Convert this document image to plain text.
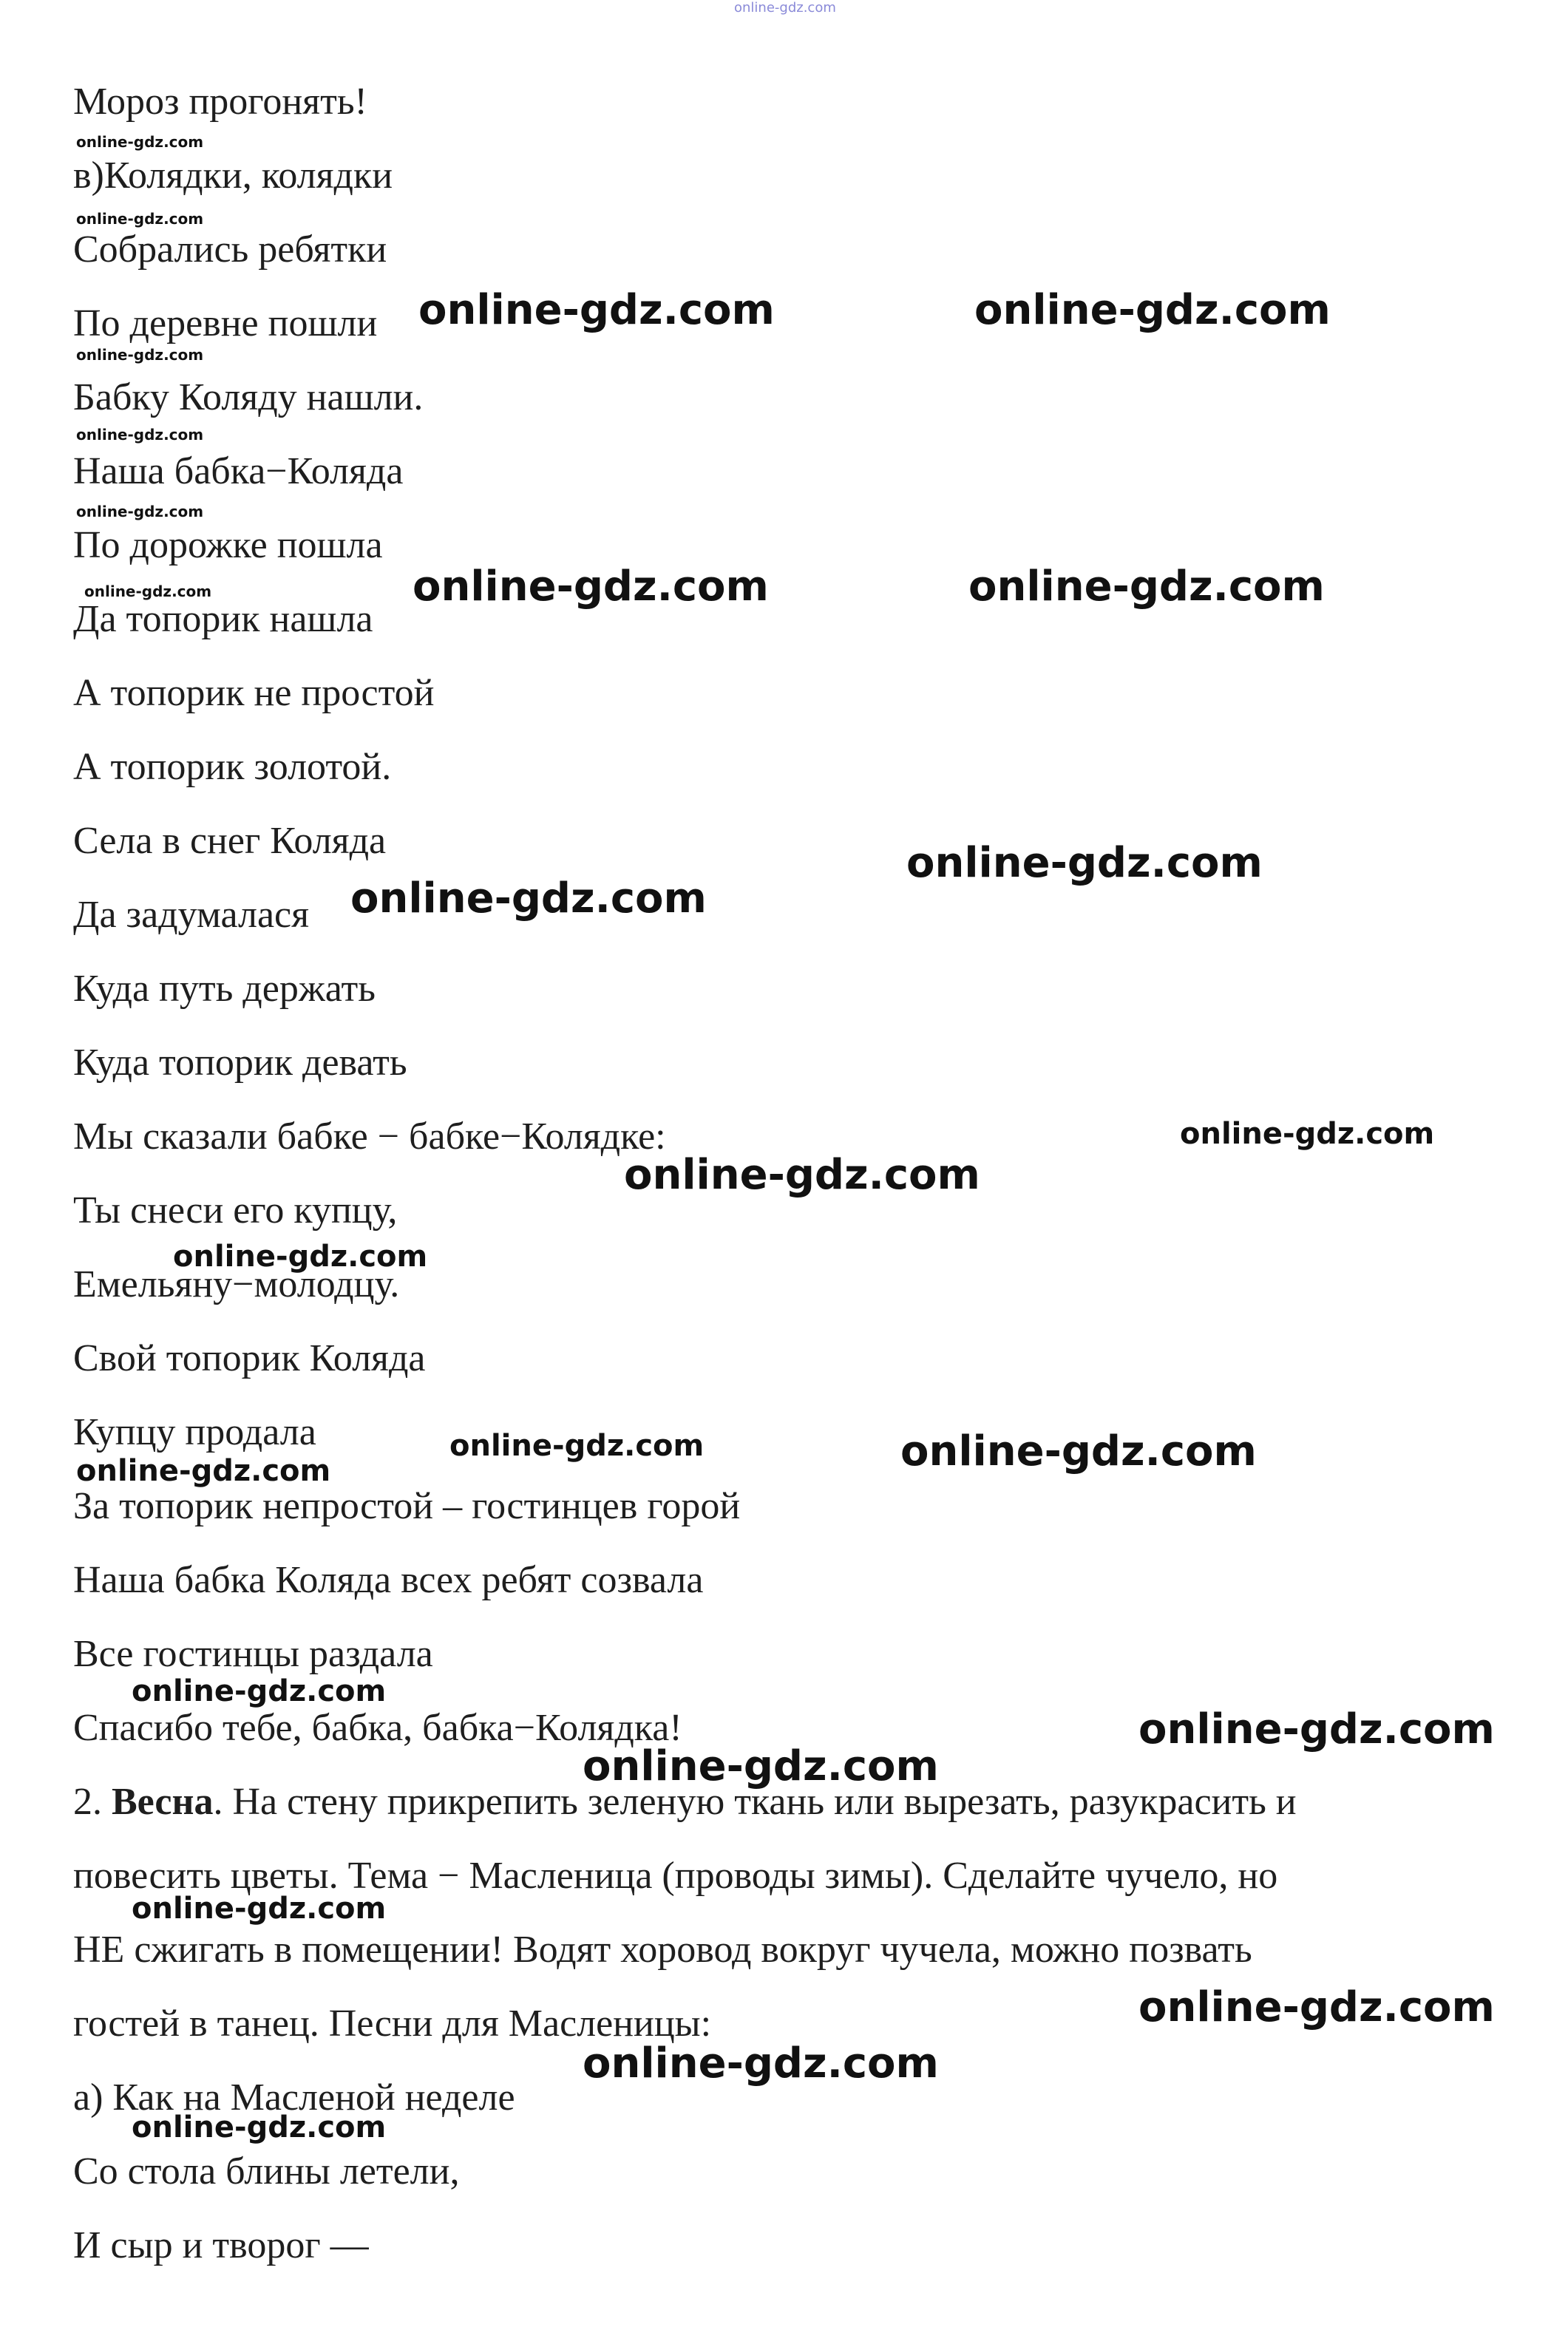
online-gdz.com

Мороз прогонять!

в)Колядки, колядки

Собрались ребятки

По деревне пошли

Бабку Коляду нашли.

Наша бабка−Коляда

По дорожке пошла

Да топорик нашла

А топорик не простой

А топорик золотой.

Села в снег Коляда

Да задумалася

Куда путь держать

Куда топорик девать

Мы сказали бабке − бабке−Колядке:

Ты снеси его купцу,

Емельяну−молодцу.

Свой топорик Коляда

Купцу продала

За топорик непростой – гостинцев горой

Наша бабка Коляда всех ребят созвала

Все гостинцы раздала

Спасибо тебе, бабка, бабка−Колядка!

2. Весна. На стену прикрепить зеленую ткань или вырезать, разукрасить и

повесить цветы. Тема − Масленица (проводы зимы). Сделайте чучело, но

НЕ сжигать в помещении! Водят хоровод вокруг чучела, можно позвать

гостей в танец. Песни для Масленицы:

а) Как на Масленой неделе

Со стола блины летели,

И сыр и творог —

online-gdz.com
online-gdz.com
online-gdz.com
online-gdz.com
online-gdz.com
online-gdz.com
online-gdz.com	online-gdz.com
online-gdz.com	online-gdz.com
online-gdz.com
online-gdz.com
online-gdz.com
online-gdz.com
online-gdz.com
online-gdz.com	online-gdz.com
online-gdz.com
online-gdz.com
online-gdz.com
online-gdz.com
online-gdz.com
online-gdz.com
online-gdz.com
online-gdz.com
